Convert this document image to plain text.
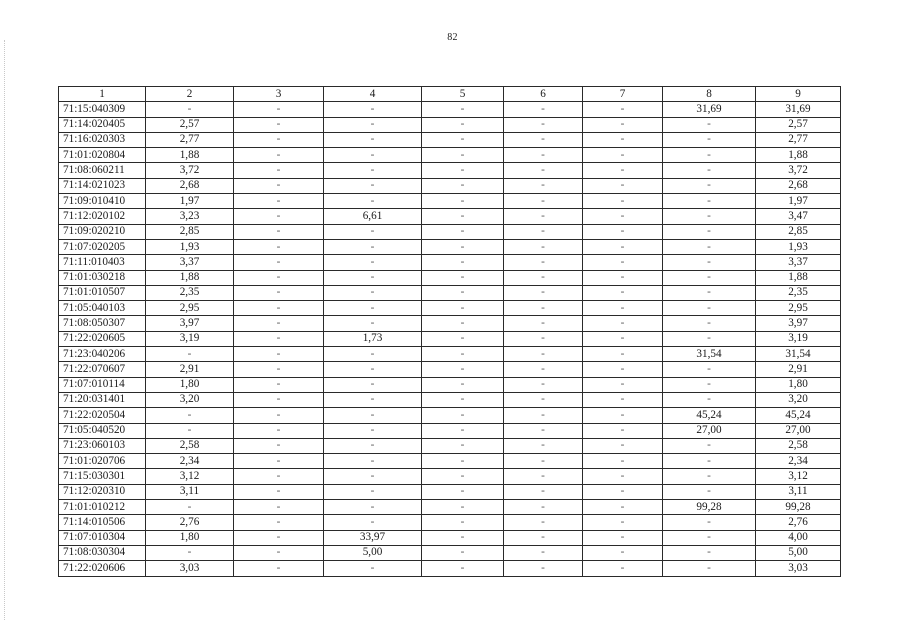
82
1	2	3	4	5	6	7	8	9
71:15:040309	-	-	-	-	-	-	31,69	31,69
71:14:020405	2,57	-	-	-	-	-	-	2,57
71:16:020303	2,77	-	-	-	-	-	-	2,77
71:01:020804	1,88	-	-	-	-	-	-	1,88
71:08:060211	3,72	-	-	-	-	-	-	3,72
71:14:021023	2,68	-	-	-	-	-	-	2,68
71:09:010410	1,97	-	-	-	-	-	-	1,97
71:12:020102	3,23	-	6,61	-	-	-	-	3,47
71:09:020210	2,85	-	-	-	-	-	-	2,85
71:07:020205	1,93	-	-	-	-	-	-	1,93
71:11:010403	3,37	-	-	-	-	-	-	3,37
71:01:030218	1,88	-	-	-	-	-	-	1,88
71:01:010507	2,35	-	-	-	-	-	-	2,35
71:05:040103	2,95	-	-	-	-	-	-	2,95
71:08:050307	3,97	-	-	-	-	-	-	3,97
71:22:020605	3,19	-	1,73	-	-	-	-	3,19
71:23:040206	-	-	-	-	-	-	31,54	31,54
71:22:070607	2,91	-	-	-	-	-	-	2,91
71:07:010114	1,80	-	-	-	-	-	-	1,80
71:20:031401	3,20	-	-	-	-	-	-	3,20
71:22:020504	-	-	-	-	-	-	45,24	45,24
71:05:040520	-	-	-	-	-	-	27,00	27,00
71:23:060103	2,58	-	-	-	-	-	-	2,58
71:01:020706	2,34	-	-	-	-	-	-	2,34
71:15:030301	3,12	-	-	-	-	-	-	3,12
71:12:020310	3,11	-	-	-	-	-	-	3,11
71:01:010212	-	-	-	-	-	-	99,28	99,28
71:14:010506	2,76	-	-	-	-	-	-	2,76
71:07:010304	1,80	-	33,97	-	-	-	-	4,00
71:08:030304	-	-	5,00	-	-	-	-	5,00
71:22:020606	3,03	-	-	-	-	-	-	3,03
